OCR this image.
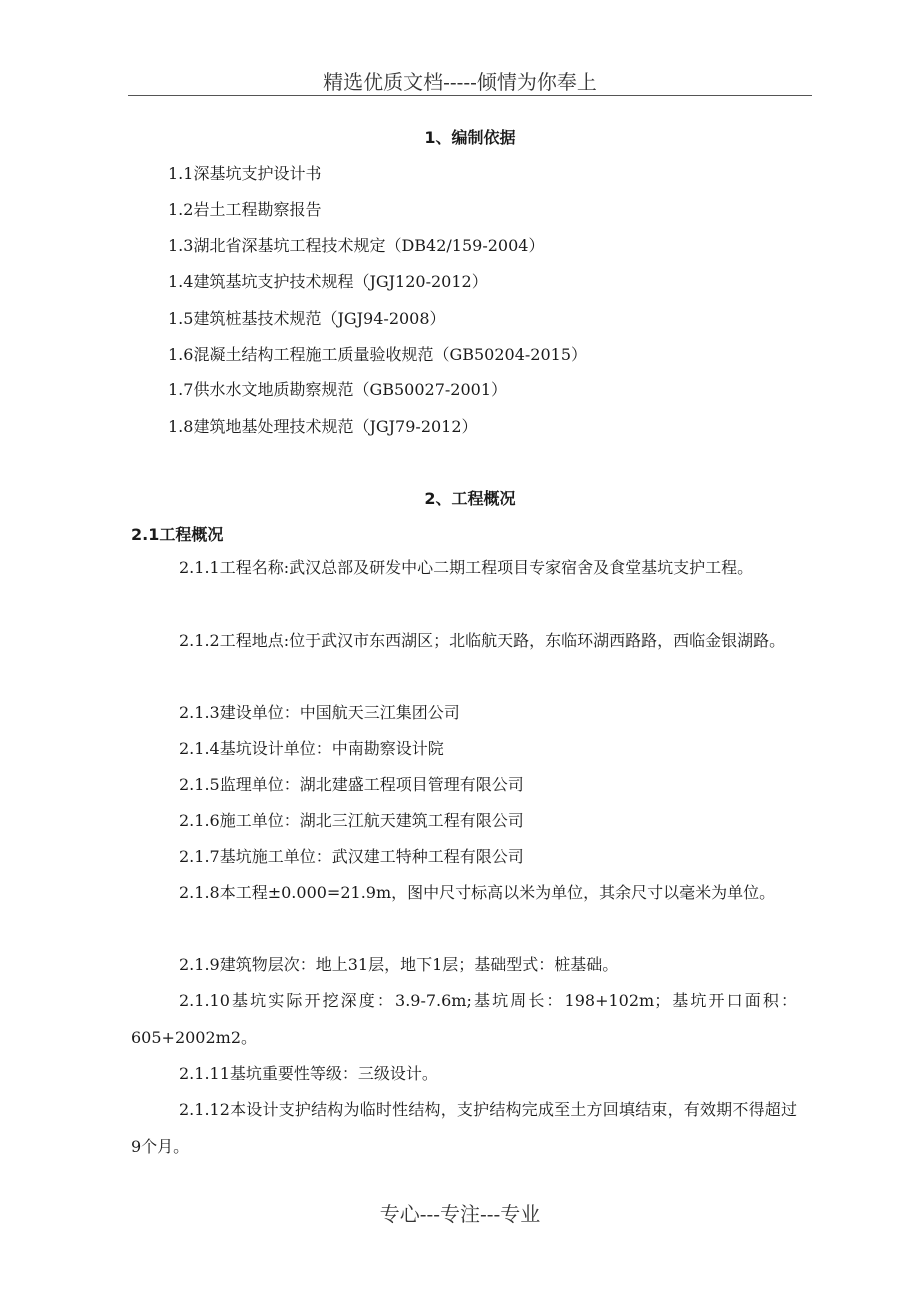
精选优质文档-----倾情为你奉上
1、编制依据
1.1深基坑支护设计书
1.2岩土工程勘察报告
1.3湖北省深基坑工程技术规定（DB42/159-2004）
1.4建筑基坑支护技术规程（JGJ120-2012）
1.5建筑桩基技术规范（JGJ94-2008）
1.6混凝土结构工程施工质量验收规范（GB50204-2015）
1.7供水水文地质勘察规范（GB50027-2001）
1.8建筑地基处理技术规范（JGJ79-2012）
2、工程概况
2.1工程概况

2.1.1工程名称:武汉总部及研发中心二期工程项目专家宿舍及食堂基坑支护工程。

2.1.2工程地点:位于武汉市东西湖区；北临航天路，东临环湖西路路，西临金银湖路。

2.1.3建设单位：中国航天三江集团公司

2.1.4基坑设计单位：中南勘察设计院

2.1.5监理单位：湖北建盛工程项目管理有限公司

2.1.6施工单位：湖北三江航天建筑工程有限公司

2.1.7基坑施工单位：武汉建工特种工程有限公司

2.1.8本工程±0.000=21.9m，图中尺寸标高以米为单位，其余尺寸以毫米为单位。

2.1.9建筑物层次：地上31层，地下1层；基础型式：桩基础。

2.1.10基坑实际开挖深度：3.9-7.6m;基坑周长：198+102m；基坑开口面积：605+2002m2。

2.1.11基坑重要性等级：三级设计。

2.1.12本设计支护结构为临时性结构，支护结构完成至土方回填结束，有效期不得超过9个月。

专心---专注---专业
